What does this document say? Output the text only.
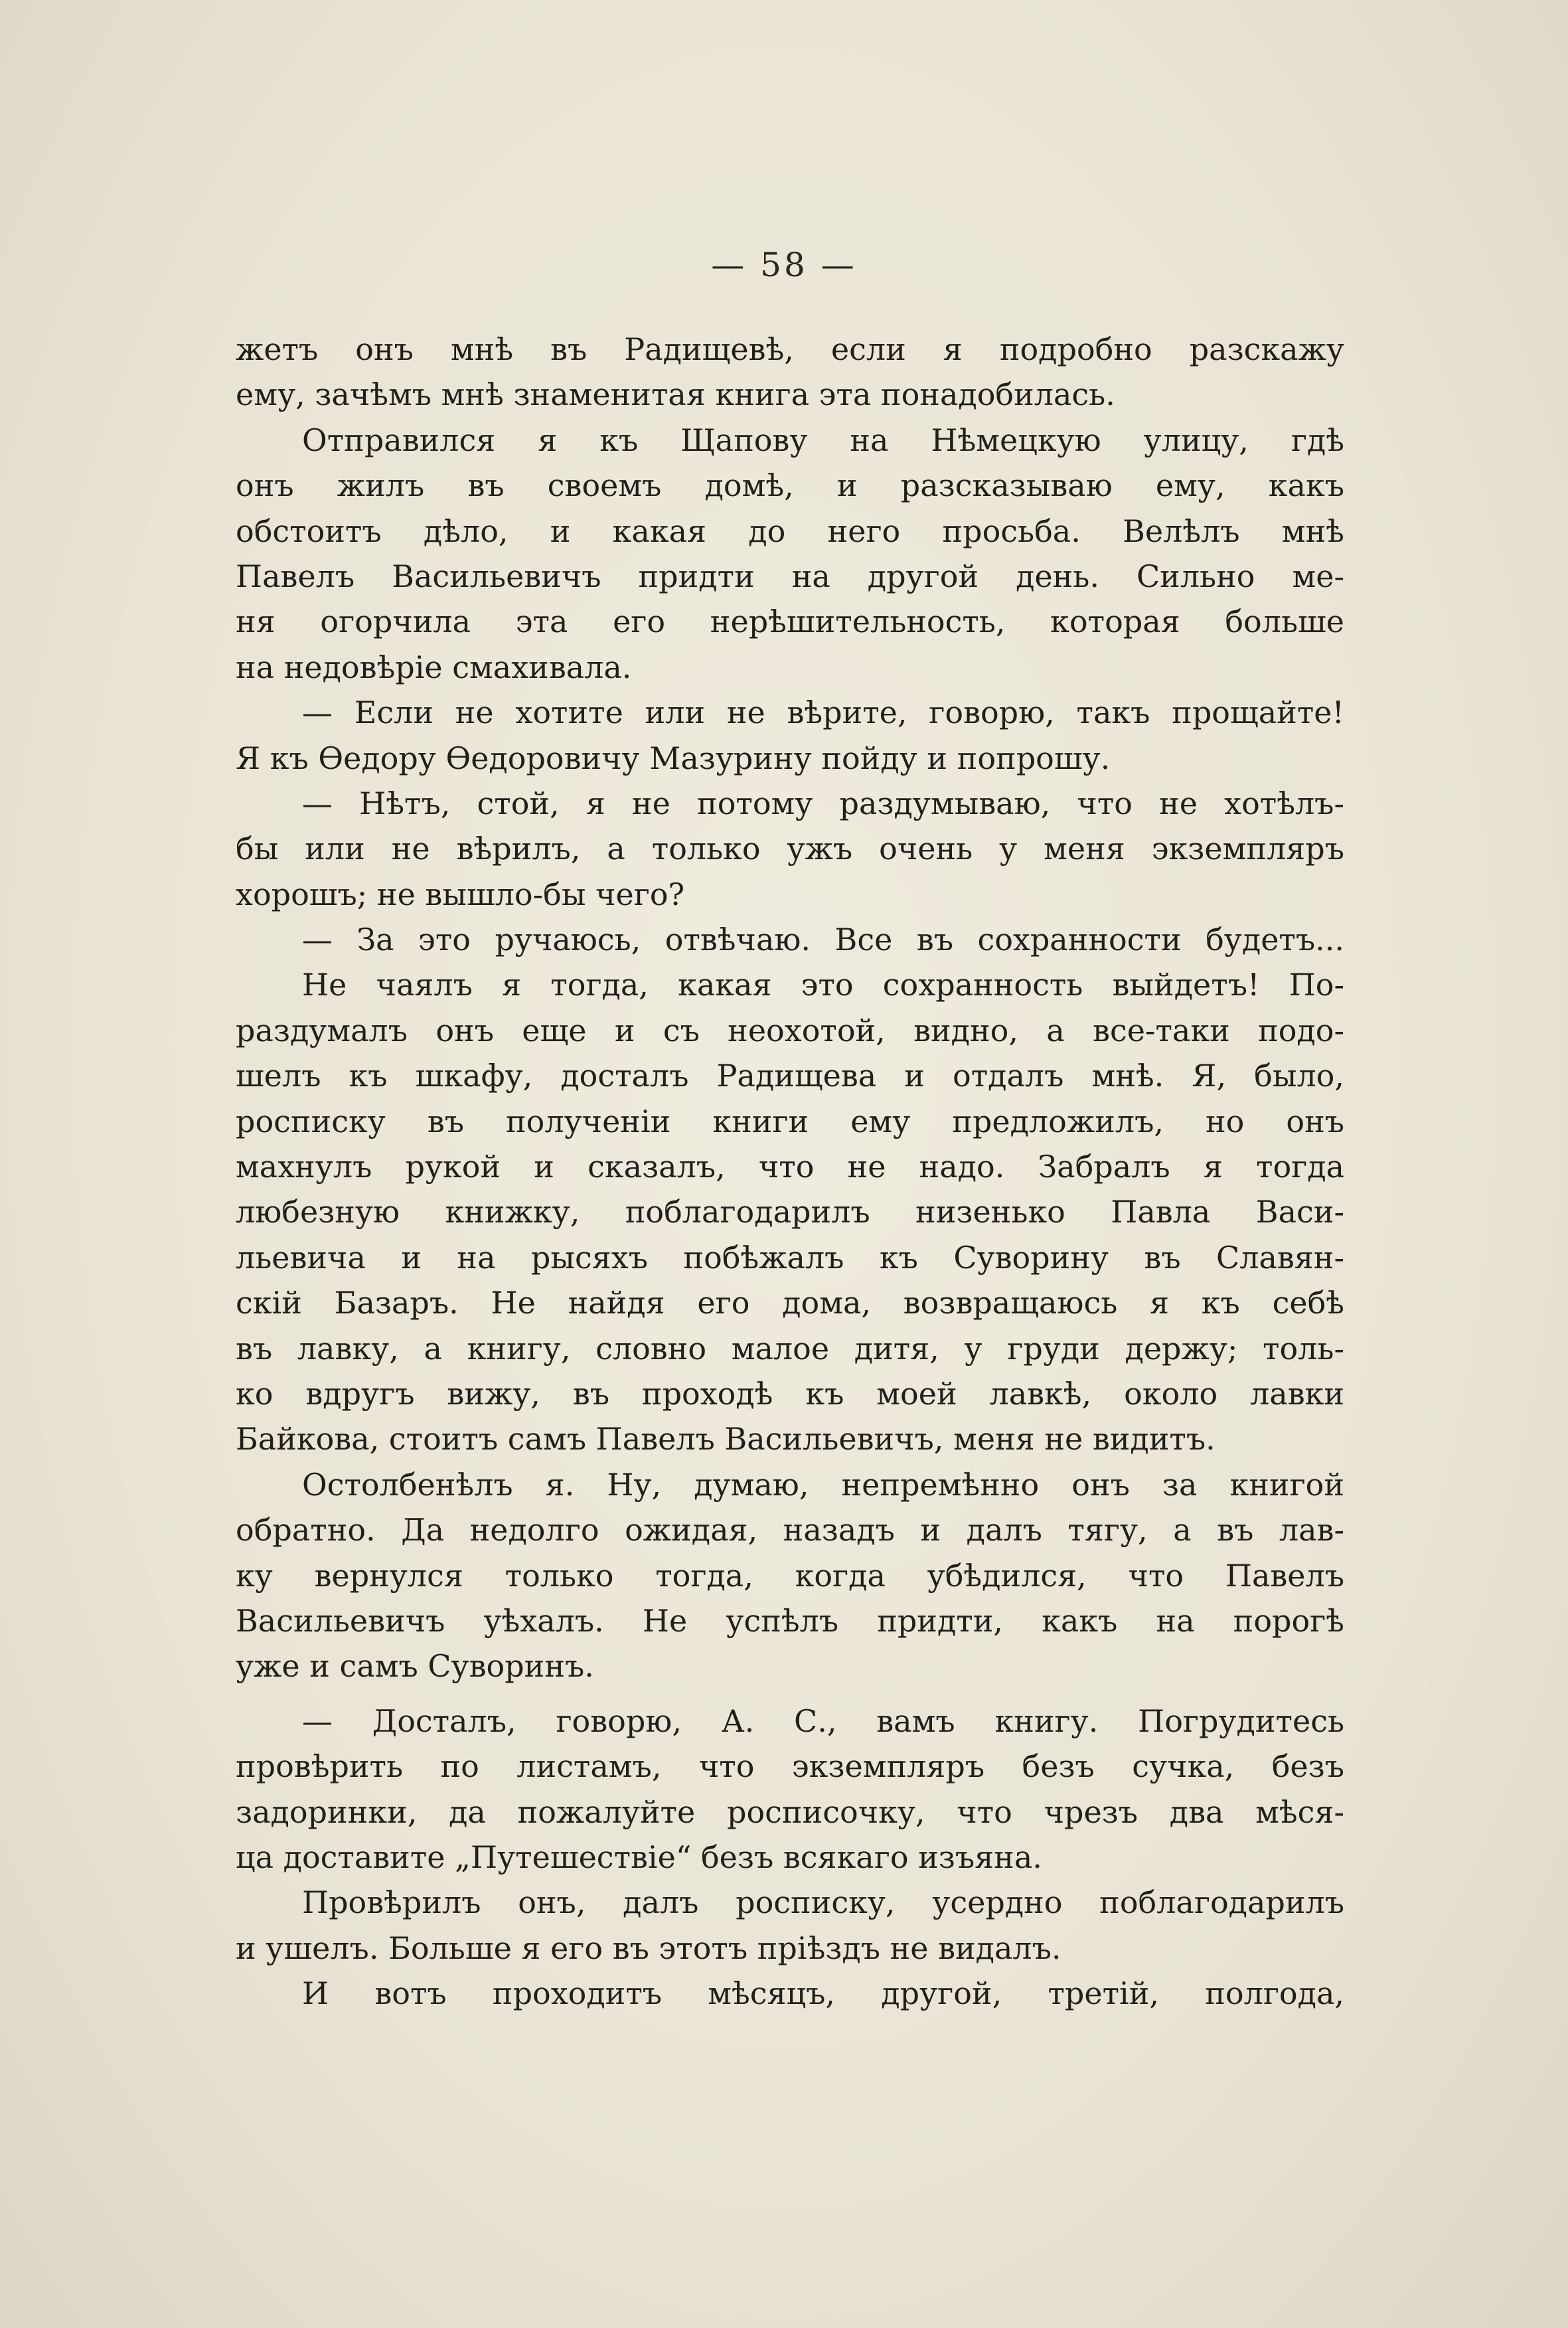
— 58 —

жетъ онъ мнѣ въ Радищевѣ, если я подробно разскажу
ему, зачѣмъ мнѣ знаменитая книга эта понадобилась.

Отправился я къ Щапову на Нѣмецкую улицу, гдѣ
онъ жилъ въ своемъ домѣ, и разсказываю ему, какъ
обстоитъ дѣло, и какая до него просьба. Велѣлъ мнѣ
Павелъ Васильевичъ придти на другой день. Сильно ме-
ня огорчила эта его нерѣшительность, которая больше
на недовѣріе смахивала.

— Если не хотите или не вѣрите, говорю, такъ прощайте!
Я къ Ѳедору Ѳедоровичу Мазурину пойду и попрошу.

— Нѣтъ, стой, я не потому раздумываю, что не хотѣлъ-
бы или не вѣрилъ, а только ужъ очень у меня экземпляръ
хорошъ; не вышло-бы чего?

— За это ручаюсь, отвѣчаю. Все въ сохранности будетъ...

Не чаялъ я тогда, какая это сохранность выйдетъ! По-
раздумалъ онъ еще и съ неохотой, видно, а все-таки подо-
шелъ къ шкафу, досталъ Радищева и отдалъ мнѣ. Я, было,
росписку въ полученіи книги ему предложилъ, но онъ
махнулъ рукой и сказалъ, что не надо. Забралъ я тогда
любезную книжку, поблагодарилъ низенько Павла Васи-
льевича и на рысяхъ побѣжалъ къ Суворину въ Славян-
скій Базаръ. Не найдя его дома, возвращаюсь я къ себѣ
въ лавку, а книгу, словно малое дитя, у груди держу; толь-
ко вдругъ вижу, въ проходѣ къ моей лавкѣ, около лавки
Байкова, стоитъ самъ Павелъ Васильевичъ, меня не видитъ.

Остолбенѣлъ я. Ну, думаю, непремѣнно онъ за книгой
обратно. Да недолго ожидая, назадъ и далъ тягу, а въ лав-
ку вернулся только тогда, когда убѣдился, что Павелъ
Васильевичъ уѣхалъ. Не успѣлъ придти, какъ на порогѣ
уже и самъ Суворинъ.

— Досталъ, говорю, А. С., вамъ книгу. Погрудитесь
провѣрить по листамъ, что экземпляръ безъ сучка, безъ
задоринки, да пожалуйте росписочку, что чрезъ два мѣся-
ца доставите „Путешествіе“ безъ всякаго изъяна.

Провѣрилъ онъ, далъ росписку, усердно поблагодарилъ
и ушелъ. Больше я его въ этотъ пріѣздъ не видалъ.

И вотъ проходитъ мѣсяцъ, другой, третій, полгода,
